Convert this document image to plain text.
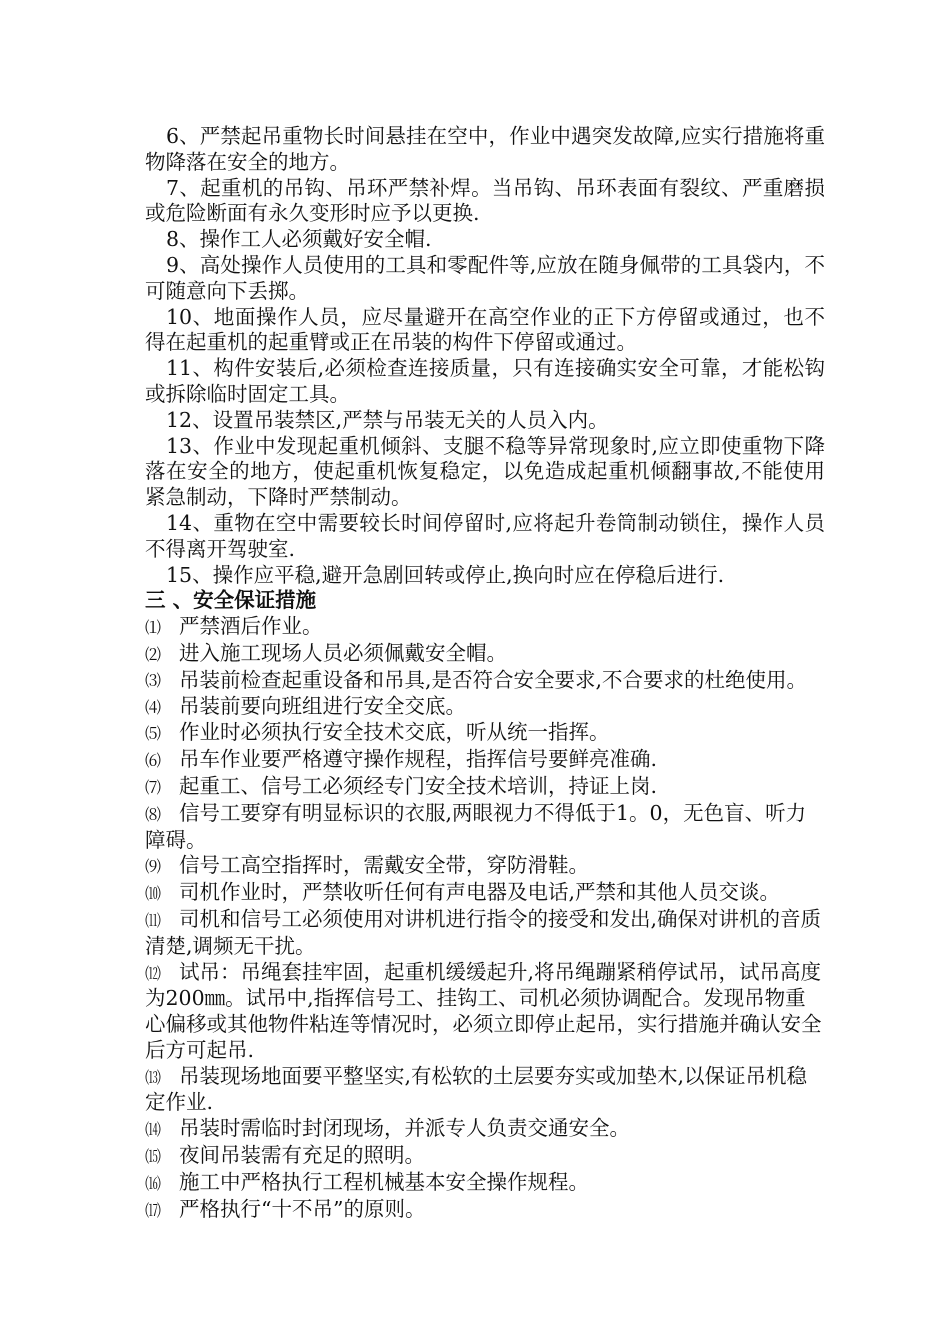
6、严禁起吊重物长时间悬挂在空中，作业中遇突发故障,应实行措施将重物降落在安全的地方。

7、起重机的吊钩、吊环严禁补焊。当吊钩、吊环表面有裂纹、严重磨损或危险断面有永久变形时应予以更换.

8、操作工人必须戴好安全帽.

9、高处操作人员使用的工具和零配件等,应放在随身佩带的工具袋内，不可随意向下丢掷。

10、地面操作人员，应尽量避开在高空作业的正下方停留或通过，也不得在起重机的起重臂或正在吊装的构件下停留或通过。

11、构件安装后,必须检查连接质量，只有连接确实安全可靠，才能松钩或拆除临时固定工具。

12、设置吊装禁区,严禁与吊装无关的人员入内。

13、作业中发现起重机倾斜、支腿不稳等异常现象时,应立即使重物下降落在安全的地方，使起重机恢复稳定，以免造成起重机倾翻事故,不能使用紧急制动，下降时严禁制动。

14、重物在空中需要较长时间停留时,应将起升卷筒制动锁住，操作人员不得离开驾驶室.

15、操作应平稳,避开急剧回转或停止,换向时应在停稳后进行.

三 、安全保证措施

⑴ 严禁酒后作业。

⑵ 进入施工现场人员必须佩戴安全帽。

⑶ 吊装前检查起重设备和吊具,是否符合安全要求,不合要求的杜绝使用。

⑷ 吊装前要向班组进行安全交底。

⑸ 作业时必须执行安全技术交底，听从统一指挥。

⑹ 吊车作业要严格遵守操作规程，指挥信号要鲜亮准确.

⑺ 起重工、信号工必须经专门安全技术培训，持证上岗.

⑻ 信号工要穿有明显标识的衣服,两眼视力不得低于1。0，无色盲、听力障碍。

⑼ 信号工高空指挥时，需戴安全带，穿防滑鞋。

⑽ 司机作业时，严禁收听任何有声电器及电话,严禁和其他人员交谈。

⑾ 司机和信号工必须使用对讲机进行指令的接受和发出,确保对讲机的音质清楚,调频无干扰。

⑿ 试吊：吊绳套挂牢固，起重机缓缓起升,将吊绳蹦紧稍停试吊，试吊高度为200㎜。试吊中,指挥信号工、挂钩工、司机必须协调配合。发现吊物重心偏移或其他物件粘连等情况时，必须立即停止起吊，实行措施并确认安全后方可起吊.

⒀ 吊装现场地面要平整坚实,有松软的土层要夯实或加垫木,以保证吊机稳定作业.

⒁ 吊装时需临时封闭现场，并派专人负责交通安全。

⒂ 夜间吊装需有充足的照明。

⒃ 施工中严格执行工程机械基本安全操作规程。

⒄ 严格执行“十不吊”的原则。
